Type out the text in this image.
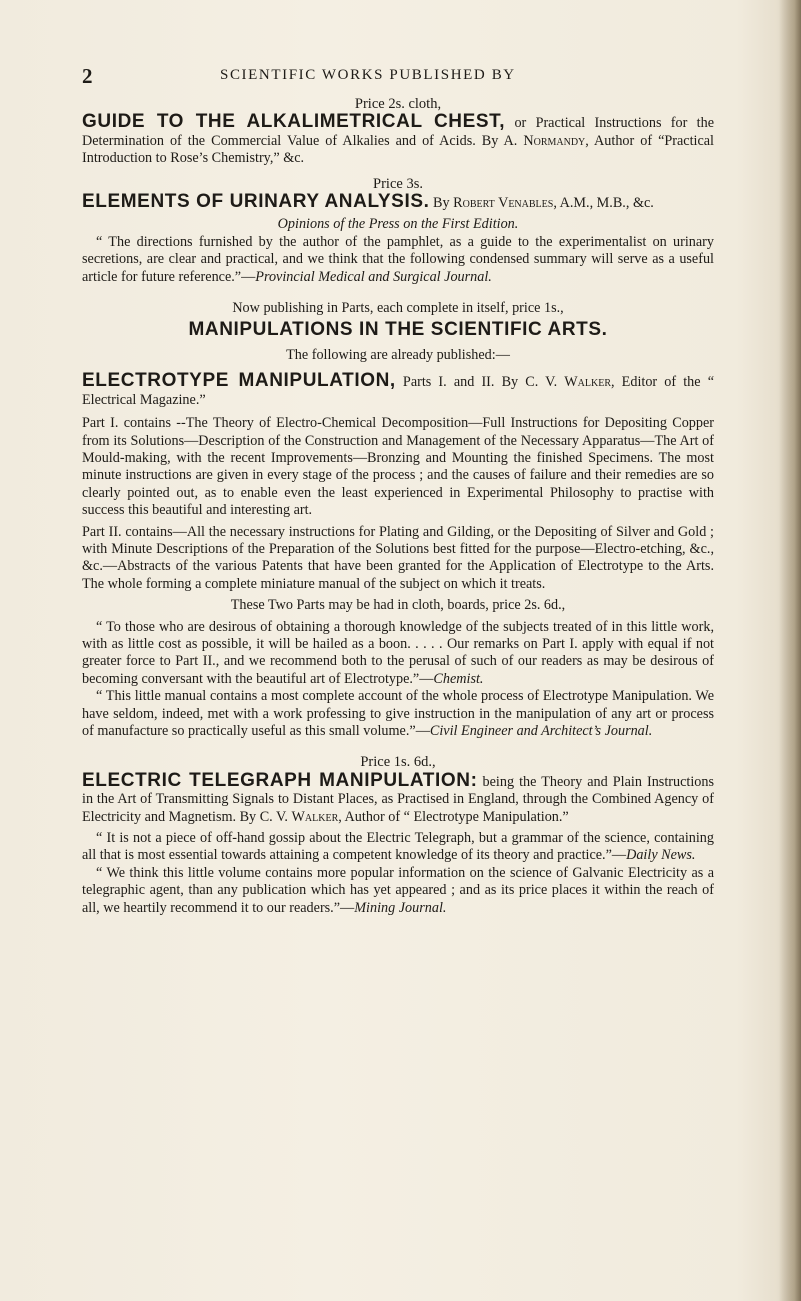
2	SCIENTIFIC WORKS PUBLISHED BY

Price 2s. cloth,

GUIDE TO THE ALKALIMETRICAL CHEST, or Practical Instructions for the Determination of the Commercial Value of Alkalies and of Acids. By A. Normandy, Author of “Practical Introduction to Rose’s Chemistry,” &c.

Price 3s.

ELEMENTS OF URINARY ANALYSIS. By Robert Venables, A.M., M.B., &c.

Opinions of the Press on the First Edition.

“ The directions furnished by the author of the pamphlet, as a guide to the experimentalist on urinary secretions, are clear and practical, and we think that the following condensed summary will serve as a useful article for future reference.”—Provincial Medical and Surgical Journal.

Now publishing in Parts, each complete in itself, price 1s.,

MANIPULATIONS IN THE SCIENTIFIC ARTS.

The following are already published:—

ELECTROTYPE MANIPULATION, Parts I. and II. By C. V. Walker, Editor of the “ Electrical Magazine.”

Part I. contains --The Theory of Electro-Chemical Decomposition—Full Instructions for Depositing Copper from its Solutions—Description of the Construction and Management of the Necessary Apparatus—The Art of Mould-making, with the recent Improvements—Bronzing and Mounting the finished Specimens. The most minute instructions are given in every stage of the process ; and the causes of failure and their remedies are so clearly pointed out, as to enable even the least experienced in Experimental Philosophy to practise with success this beautiful and interesting art.

Part II. contains—All the necessary instructions for Plating and Gilding, or the Depositing of Silver and Gold ; with Minute Descriptions of the Preparation of the Solutions best fitted for the purpose—Electro-etching, &c., &c.—Abstracts of the various Patents that have been granted for the Application of Electrotype to the Arts. The whole forming a complete miniature manual of the subject on which it treats.

These Two Parts may be had in cloth, boards, price 2s. 6d.,

“ To those who are desirous of obtaining a thorough knowledge of the subjects treated of in this little work, with as little cost as possible, it will be hailed as a boon. . . . . Our remarks on Part I. apply with equal if not greater force to Part II., and we recommend both to the perusal of such of our readers as may be desirous of becoming conversant with the beautiful art of Electrotype.”—Chemist.

“ This little manual contains a most complete account of the whole process of Electrotype Manipulation. We have seldom, indeed, met with a work professing to give instruction in the manipulation of any art or process of manufacture so practically useful as this small volume.”—Civil Engineer and Architect’s Journal.

Price 1s. 6d.,

ELECTRIC TELEGRAPH MANIPULATION: being the Theory and Plain Instructions in the Art of Transmitting Signals to Distant Places, as Practised in England, through the Combined Agency of Electricity and Magnetism. By C. V. Walker, Author of “ Electrotype Manipulation.”

“ It is not a piece of off-hand gossip about the Electric Telegraph, but a grammar of the science, containing all that is most essential towards attaining a competent knowledge of its theory and practice.”—Daily News.

“ We think this little volume contains more popular information on the science of Galvanic Electricity as a telegraphic agent, than any publication which has yet appeared ; and as its price places it within the reach of all, we heartily recommend it to our readers.”—Mining Journal.
